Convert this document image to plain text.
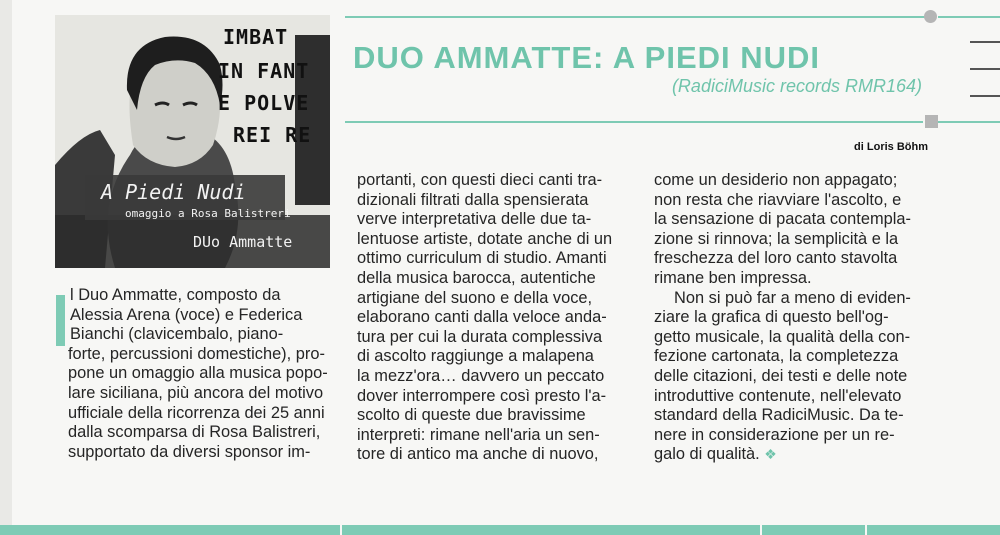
IMBAT
IN FANT
E POLVE
REI RE
A Piedi Nudi
omaggio a Rosa Balistreri
DUo Ammatte
DUO AMMATTE: A PIEDI NUDI
(RadiciMusic records RMR164)
di Loris Böhm
l Duo Ammatte, composto da
Alessia Arena (voce) e Federica
Bianchi (clavicembalo, piano-
forte, percussioni domestiche), pro-
pone un omaggio alla musica popo-
lare siciliana, più ancora del motivo
ufficiale della ricorrenza dei 25 anni
dalla scomparsa di Rosa Balistreri,
supportato da diversi sponsor im-
portanti, con questi dieci canti tra-
dizionali filtrati dalla spensierata
verve interpretativa delle due ta-
lentuose artiste, dotate anche di un
ottimo curriculum di studio. Amanti
della musica barocca, autentiche
artigiane del suono e della voce,
elaborano canti dalla veloce anda-
tura per cui la durata complessiva
di ascolto raggiunge a malapena
la mezz'ora… davvero un peccato
dover interrompere così presto l'a-
scolto di queste due bravissime
interpreti: rimane nell'aria un sen-
tore di antico ma anche di nuovo,
come un desiderio non appagato;
non resta che riavviare l'ascolto, e
la sensazione di pacata contempla-
zione si rinnova; la semplicità e la
freschezza del loro canto stavolta
rimane ben impressa.
Non si può far a meno di eviden-
ziare la grafica di questo bell'og-
getto musicale, la qualità della con-
fezione cartonata, la completezza
delle citazioni, dei testi e delle note
introduttive contenute, nell'elevato
standard della RadiciMusic. Da te-
nere in considerazione per un re-
galo di qualità. ❖
